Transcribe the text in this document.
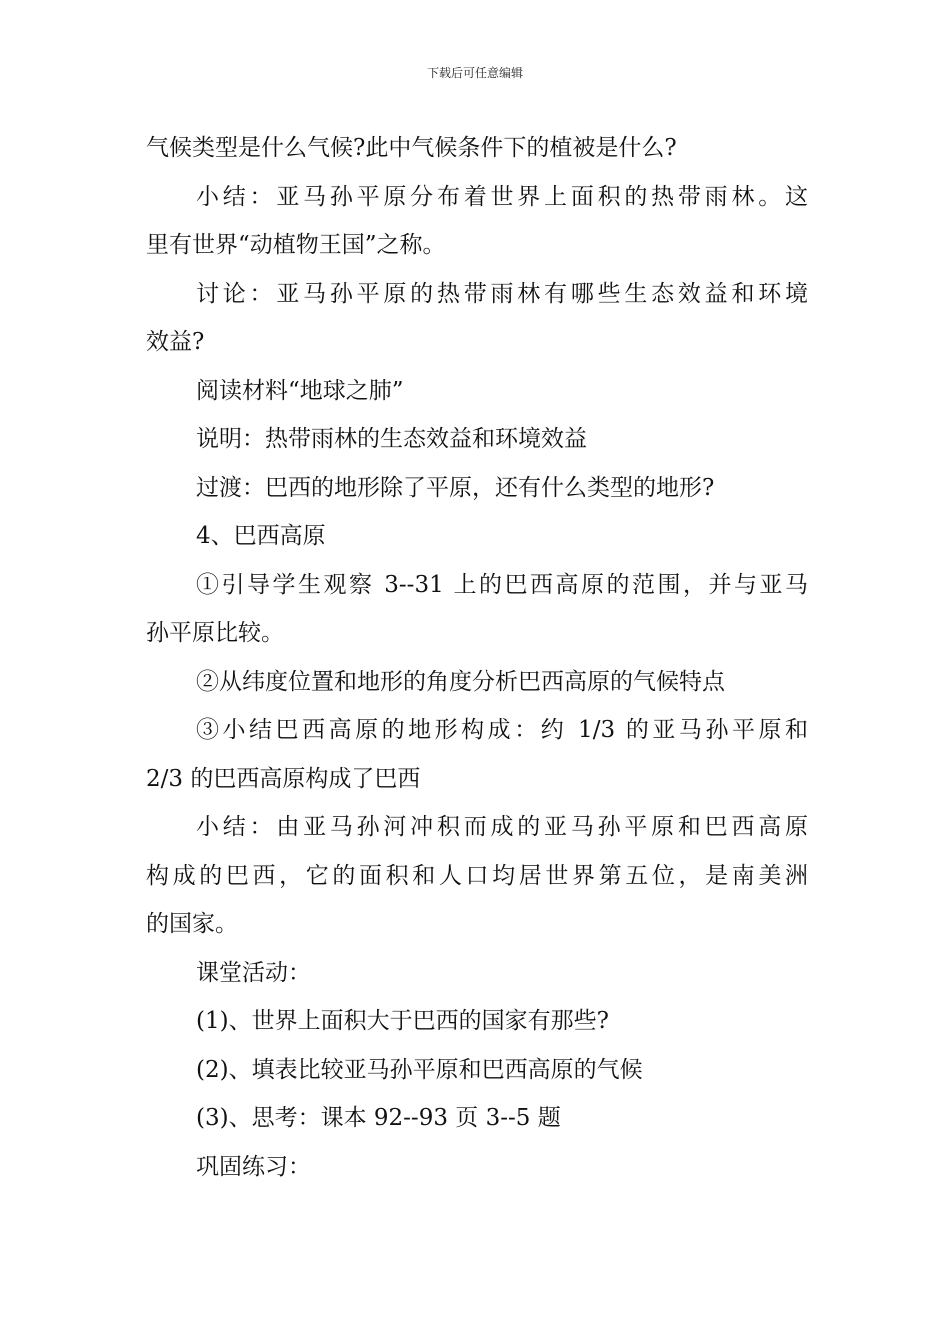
下载后可任意编辑
气候类型是什么气候?此中气候条件下的植被是什么?
小结：亚马孙平原分布着世界上面积的热带雨林。这
里有世界“动植物王国”之称。
讨论：亚马孙平原的热带雨林有哪些生态效益和环境
效益?
阅读材料“地球之肺”
说明：热带雨林的生态效益和环境效益
过渡：巴西的地形除了平原，还有什么类型的地形?
4、巴西高原
①引导学生观察 3--31 上的巴西高原的范围，并与亚马
孙平原比较。
②从纬度位置和地形的角度分析巴西高原的气候特点
③小结巴西高原的地形构成：约 1/3 的亚马孙平原和
2/3 的巴西高原构成了巴西
小结：由亚马孙河冲积而成的亚马孙平原和巴西高原
构成的巴西，它的面积和人口均居世界第五位，是南美洲
的国家。
课堂活动：
(1)、世界上面积大于巴西的国家有那些?
(2)、填表比较亚马孙平原和巴西高原的气候
(3)、思考：课本 92--93 页 3--5 题
巩固练习：
